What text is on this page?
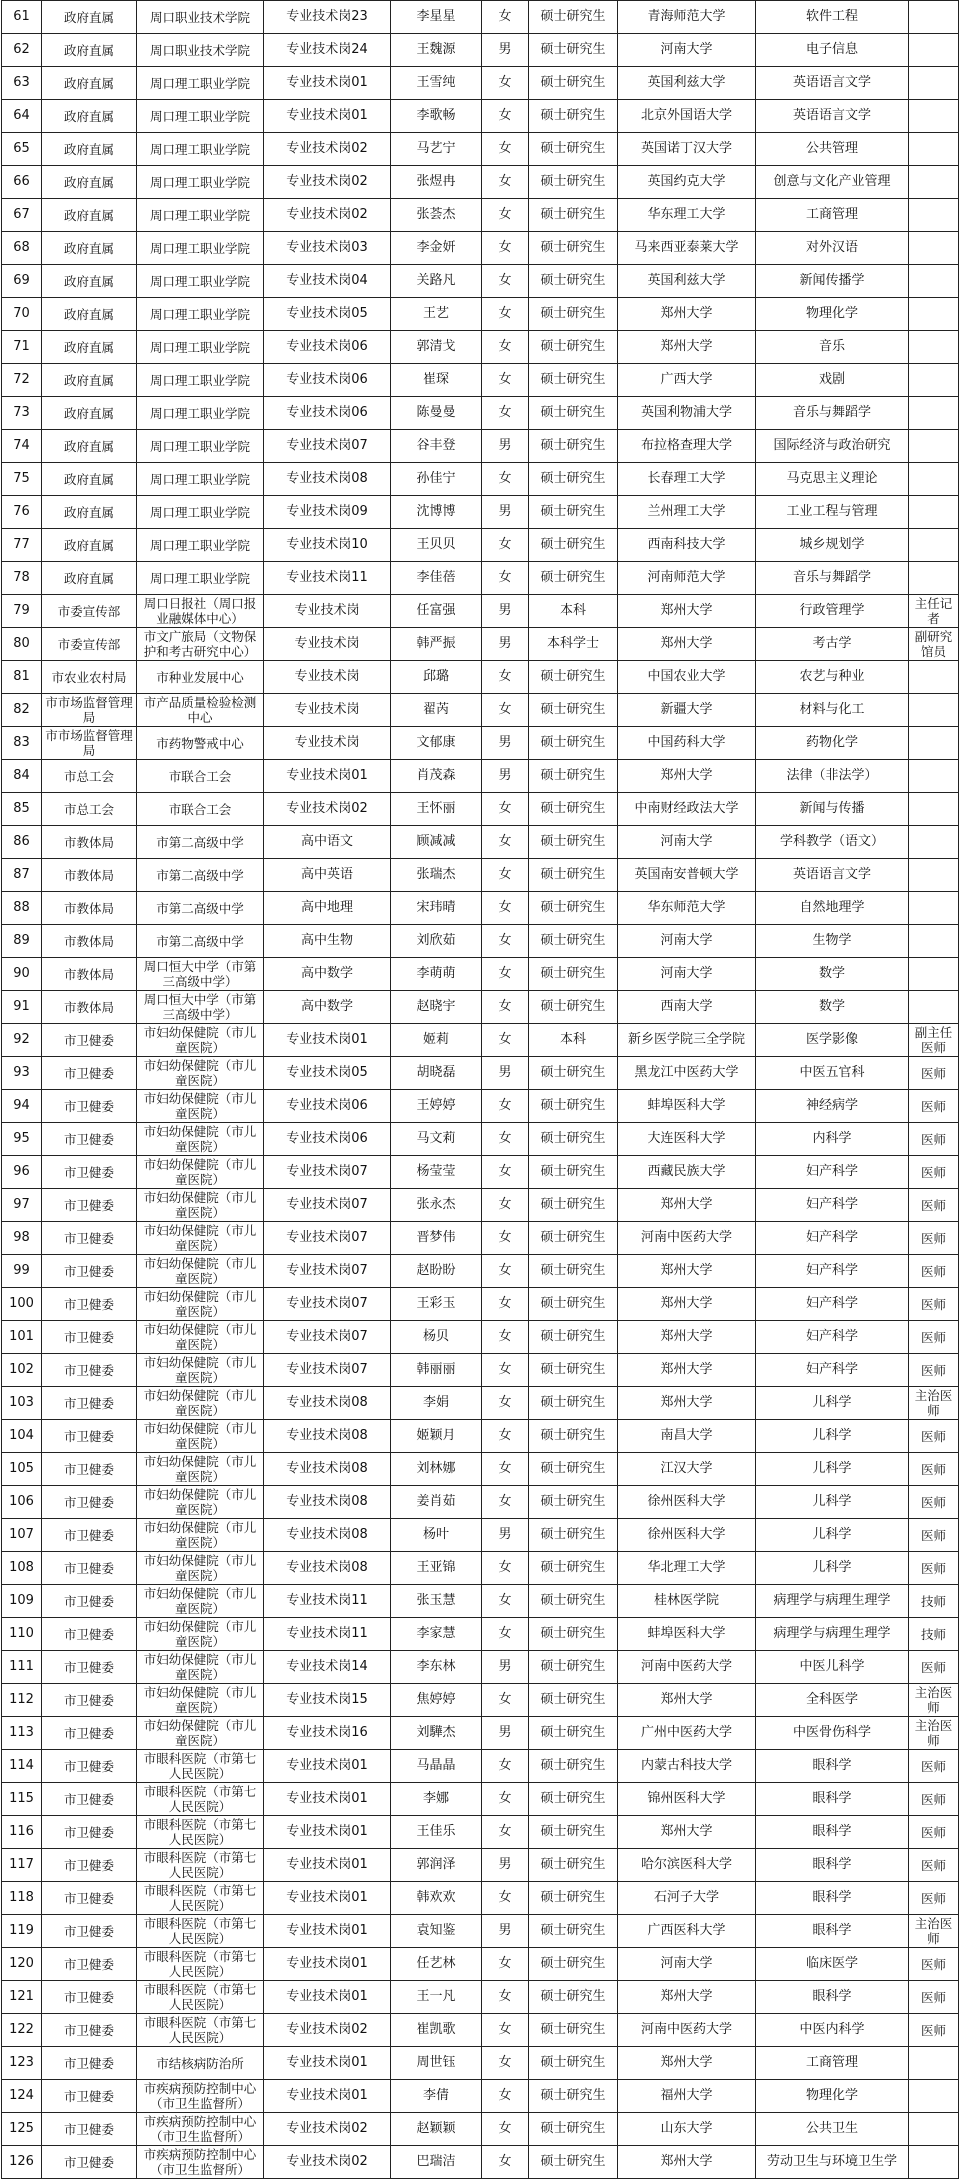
61	政府直属	周口职业技术学院	专业技术岗23	李星星	女	硕士研究生	青海师范大学	软件工程	
62	政府直属	周口职业技术学院	专业技术岗24	王魏源	男	硕士研究生	河南大学	电子信息	
63	政府直属	周口理工职业学院	专业技术岗01	王雪纯	女	硕士研究生	英国利兹大学	英语语言文学	
64	政府直属	周口理工职业学院	专业技术岗01	李歌畅	女	硕士研究生	北京外国语大学	英语语言文学	
65	政府直属	周口理工职业学院	专业技术岗02	马艺宁	女	硕士研究生	英国诺丁汉大学	公共管理	
66	政府直属	周口理工职业学院	专业技术岗02	张煜冉	女	硕士研究生	英国约克大学	创意与文化产业管理	
67	政府直属	周口理工职业学院	专业技术岗02	张荟杰	女	硕士研究生	华东理工大学	工商管理	
68	政府直属	周口理工职业学院	专业技术岗03	李金妍	女	硕士研究生	马来西亚泰莱大学	对外汉语	
69	政府直属	周口理工职业学院	专业技术岗04	关路凡	女	硕士研究生	英国利兹大学	新闻传播学	
70	政府直属	周口理工职业学院	专业技术岗05	王艺	女	硕士研究生	郑州大学	物理化学	
71	政府直属	周口理工职业学院	专业技术岗06	郭清戈	女	硕士研究生	郑州大学	音乐	
72	政府直属	周口理工职业学院	专业技术岗06	崔琛	女	硕士研究生	广西大学	戏剧	
73	政府直属	周口理工职业学院	专业技术岗06	陈曼曼	女	硕士研究生	英国利物浦大学	音乐与舞蹈学	
74	政府直属	周口理工职业学院	专业技术岗07	谷丰登	男	硕士研究生	布拉格查理大学	国际经济与政治研究	
75	政府直属	周口理工职业学院	专业技术岗08	孙佳宁	女	硕士研究生	长春理工大学	马克思主义理论	
76	政府直属	周口理工职业学院	专业技术岗09	沈博博	男	硕士研究生	兰州理工大学	工业工程与管理	
77	政府直属	周口理工职业学院	专业技术岗10	王贝贝	女	硕士研究生	西南科技大学	城乡规划学	
78	政府直属	周口理工职业学院	专业技术岗11	李佳蓓	女	硕士研究生	河南师范大学	音乐与舞蹈学	
79	市委宣传部	周口日报社（周口报业融媒体中心）	专业技术岗	任富强	男	本科	郑州大学	行政管理学	主任记者
80	市委宣传部	市文广旅局（文物保护和考古研究中心）	专业技术岗	韩严振	男	本科学士	郑州大学	考古学	副研究馆员
81	市农业农村局	市种业发展中心	专业技术岗	邱璐	女	硕士研究生	中国农业大学	农艺与种业	
82	市市场监督管理局	市产品质量检验检测中心	专业技术岗	翟芮	女	硕士研究生	新疆大学	材料与化工	
83	市市场监督管理局	市药物警戒中心	专业技术岗	文郁康	男	硕士研究生	中国药科大学	药物化学	
84	市总工会	市联合工会	专业技术岗01	肖茂森	男	硕士研究生	郑州大学	法律（非法学）	
85	市总工会	市联合工会	专业技术岗02	王怀丽	女	硕士研究生	中南财经政法大学	新闻与传播	
86	市教体局	市第二高级中学	高中语文	顾减减	女	硕士研究生	河南大学	学科教学（语文）	
87	市教体局	市第二高级中学	高中英语	张瑞杰	女	硕士研究生	英国南安普顿大学	英语语言文学	
88	市教体局	市第二高级中学	高中地理	宋玮晴	女	硕士研究生	华东师范大学	自然地理学	
89	市教体局	市第二高级中学	高中生物	刘欣茹	女	硕士研究生	河南大学	生物学	
90	市教体局	周口恒大中学（市第三高级中学）	高中数学	李萌萌	女	硕士研究生	河南大学	数学	
91	市教体局	周口恒大中学（市第三高级中学）	高中数学	赵晓宇	女	硕士研究生	西南大学	数学	
92	市卫健委	市妇幼保健院（市儿童医院）	专业技术岗01	姬莉	女	本科	新乡医学院三全学院	医学影像	副主任医师
93	市卫健委	市妇幼保健院（市儿童医院）	专业技术岗05	胡晓磊	男	硕士研究生	黑龙江中医药大学	中医五官科	医师
94	市卫健委	市妇幼保健院（市儿童医院）	专业技术岗06	王婷婷	女	硕士研究生	蚌埠医科大学	神经病学	医师
95	市卫健委	市妇幼保健院（市儿童医院）	专业技术岗06	马文莉	女	硕士研究生	大连医科大学	内科学	医师
96	市卫健委	市妇幼保健院（市儿童医院）	专业技术岗07	杨莹莹	女	硕士研究生	西藏民族大学	妇产科学	医师
97	市卫健委	市妇幼保健院（市儿童医院）	专业技术岗07	张永杰	女	硕士研究生	郑州大学	妇产科学	医师
98	市卫健委	市妇幼保健院（市儿童医院）	专业技术岗07	晋梦伟	女	硕士研究生	河南中医药大学	妇产科学	医师
99	市卫健委	市妇幼保健院（市儿童医院）	专业技术岗07	赵盼盼	女	硕士研究生	郑州大学	妇产科学	医师
100	市卫健委	市妇幼保健院（市儿童医院）	专业技术岗07	王彩玉	女	硕士研究生	郑州大学	妇产科学	医师
101	市卫健委	市妇幼保健院（市儿童医院）	专业技术岗07	杨贝	女	硕士研究生	郑州大学	妇产科学	医师
102	市卫健委	市妇幼保健院（市儿童医院）	专业技术岗07	韩丽丽	女	硕士研究生	郑州大学	妇产科学	医师
103	市卫健委	市妇幼保健院（市儿童医院）	专业技术岗08	李娟	女	硕士研究生	郑州大学	儿科学	主治医师
104	市卫健委	市妇幼保健院（市儿童医院）	专业技术岗08	姬颖月	女	硕士研究生	南昌大学	儿科学	医师
105	市卫健委	市妇幼保健院（市儿童医院）	专业技术岗08	刘林娜	女	硕士研究生	江汉大学	儿科学	医师
106	市卫健委	市妇幼保健院（市儿童医院）	专业技术岗08	姜肖茹	女	硕士研究生	徐州医科大学	儿科学	医师
107	市卫健委	市妇幼保健院（市儿童医院）	专业技术岗08	杨叶	男	硕士研究生	徐州医科大学	儿科学	医师
108	市卫健委	市妇幼保健院（市儿童医院）	专业技术岗08	王亚锦	女	硕士研究生	华北理工大学	儿科学	医师
109	市卫健委	市妇幼保健院（市儿童医院）	专业技术岗11	张玉慧	女	硕士研究生	桂林医学院	病理学与病理生理学	技师
110	市卫健委	市妇幼保健院（市儿童医院）	专业技术岗11	李家慧	女	硕士研究生	蚌埠医科大学	病理学与病理生理学	技师
111	市卫健委	市妇幼保健院（市儿童医院）	专业技术岗14	李东林	男	硕士研究生	河南中医药大学	中医儿科学	医师
112	市卫健委	市妇幼保健院（市儿童医院）	专业技术岗15	焦婷婷	女	硕士研究生	郑州大学	全科医学	主治医师
113	市卫健委	市妇幼保健院（市儿童医院）	专业技术岗16	刘驊杰	男	硕士研究生	广州中医药大学	中医骨伤科学	主治医师
114	市卫健委	市眼科医院（市第七人民医院）	专业技术岗01	马晶晶	女	硕士研究生	内蒙古科技大学	眼科学	医师
115	市卫健委	市眼科医院（市第七人民医院）	专业技术岗01	李娜	女	硕士研究生	锦州医科大学	眼科学	医师
116	市卫健委	市眼科医院（市第七人民医院）	专业技术岗01	王佳乐	女	硕士研究生	郑州大学	眼科学	医师
117	市卫健委	市眼科医院（市第七人民医院）	专业技术岗01	郭润泽	男	硕士研究生	哈尔滨医科大学	眼科学	医师
118	市卫健委	市眼科医院（市第七人民医院）	专业技术岗01	韩欢欢	女	硕士研究生	石河子大学	眼科学	医师
119	市卫健委	市眼科医院（市第七人民医院）	专业技术岗01	袁知鉴	男	硕士研究生	广西医科大学	眼科学	主治医师
120	市卫健委	市眼科医院（市第七人民医院）	专业技术岗01	任艺林	女	硕士研究生	河南大学	临床医学	医师
121	市卫健委	市眼科医院（市第七人民医院）	专业技术岗01	王一凡	女	硕士研究生	郑州大学	眼科学	医师
122	市卫健委	市眼科医院（市第七人民医院）	专业技术岗02	崔凯歌	女	硕士研究生	河南中医药大学	中医内科学	医师
123	市卫健委	市结核病防治所	专业技术岗01	周世钰	女	硕士研究生	郑州大学	工商管理	
124	市卫健委	市疾病预防控制中心（市卫生监督所）	专业技术岗01	李倩	女	硕士研究生	福州大学	物理化学	
125	市卫健委	市疾病预防控制中心（市卫生监督所）	专业技术岗02	赵颖颖	女	硕士研究生	山东大学	公共卫生	
126	市卫健委	市疾病预防控制中心（市卫生监督所）	专业技术岗02	巴瑞洁	女	硕士研究生	郑州大学	劳动卫生与环境卫生学	
